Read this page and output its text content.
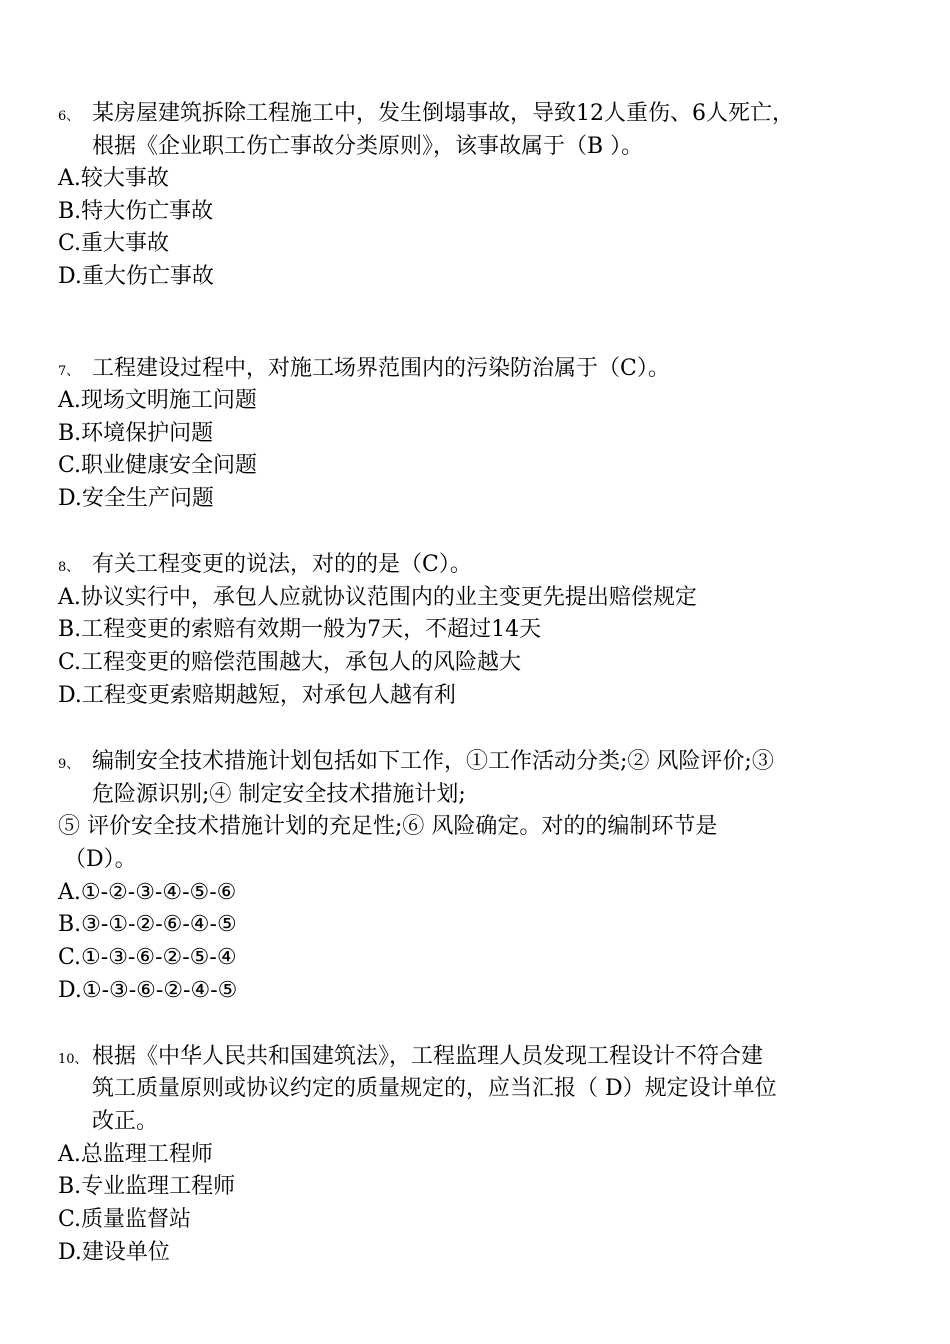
6、 某房屋建筑拆除工程施工中，发生倒塌事故，导致12人重伤、6人死亡，
根据《企业职工伤亡事故分类原则》，该事故属于（B ）。
A.较大事故
B.特大伤亡事故
C.重大事故
D.重大伤亡事故
7、 工程建设过程中，对施工场界范围内的污染防治属于（C）。
A.现场文明施工问题
B.环境保护问题
C.职业健康安全问题
D.安全生产问题
8、 有关工程变更的说法，对的的是（C）。
A.协议实行中，承包人应就协议范围内的业主变更先提出赔偿规定
B.工程变更的索赔有效期一般为7天，不超过14天
C.工程变更的赔偿范围越大，承包人的风险越大
D.工程变更索赔期越短，对承包人越有利
9、 编制安全技术措施计划包括如下工作，①工作活动分类;② 风险评价;③
危险源识别;④ 制定安全技术措施计划;
⑤ 评价安全技术措施计划的充足性;⑥ 风险确定。对的的编制环节是
（D）。
A.①-②-③-④-⑤-⑥
B.③-①-②-⑥-④-⑤
C.①-③-⑥-②-⑤-④
D.①-③-⑥-②-④-⑤
10、 根据《中华人民共和国建筑法》，工程监理人员发现工程设计不符合建
筑工质量原则或协议约定的质量规定的，应当汇报（ D）规定设计单位
改正。
A.总监理工程师
B.专业监理工程师
C.质量监督站
D.建设单位
